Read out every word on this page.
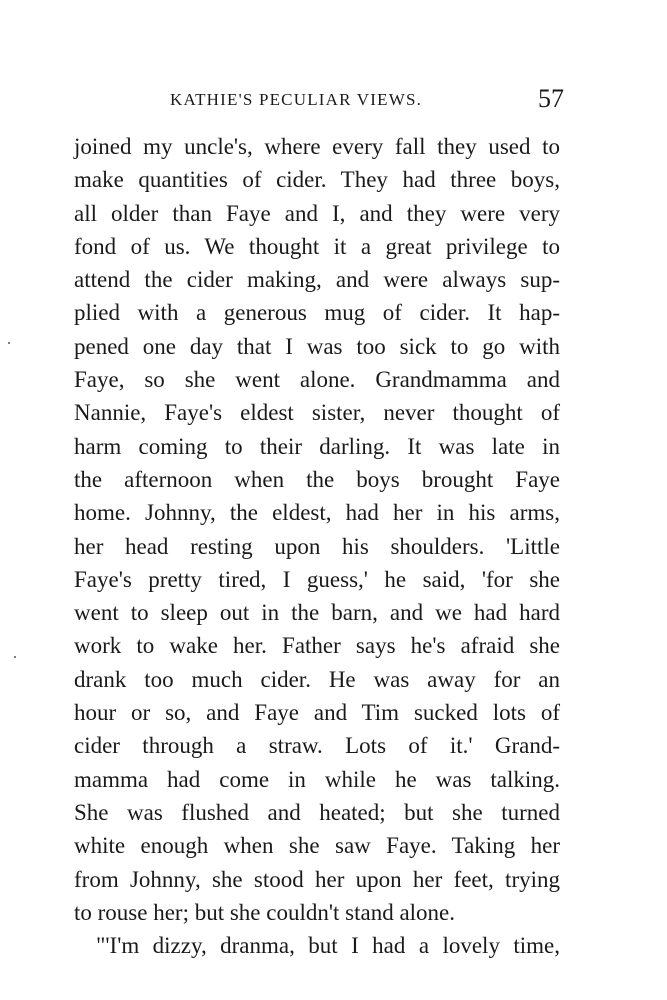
KATHIE'S PECULIAR VIEWS.	57
joined my uncle's, where every fall they used to
make quantities of cider. They had three boys,
all older than Faye and I, and they were very
fond of us. We thought it a great privilege to
attend the cider making, and were always sup-
plied with a generous mug of cider. It hap-
pened one day that I was too sick to go with
Faye, so she went alone. Grandmamma and
Nannie, Faye's eldest sister, never thought of
harm coming to their darling. It was late in
the afternoon when the boys brought Faye
home. Johnny, the eldest, had her in his arms,
her head resting upon his shoulders. 'Little
Faye's pretty tired, I guess,' he said, 'for she
went to sleep out in the barn, and we had hard
work to wake her. Father says he's afraid she
drank too much cider. He was away for an
hour or so, and Faye and Tim sucked lots of
cider through a straw. Lots of it.' Grand-
mamma had come in while he was talking.
She was flushed and heated; but she turned
white enough when she saw Faye. Taking her
from Johnny, she stood her upon her feet, trying
to rouse her; but she couldn't stand alone.
"'I'm dizzy, dranma, but I had a lovely time,
